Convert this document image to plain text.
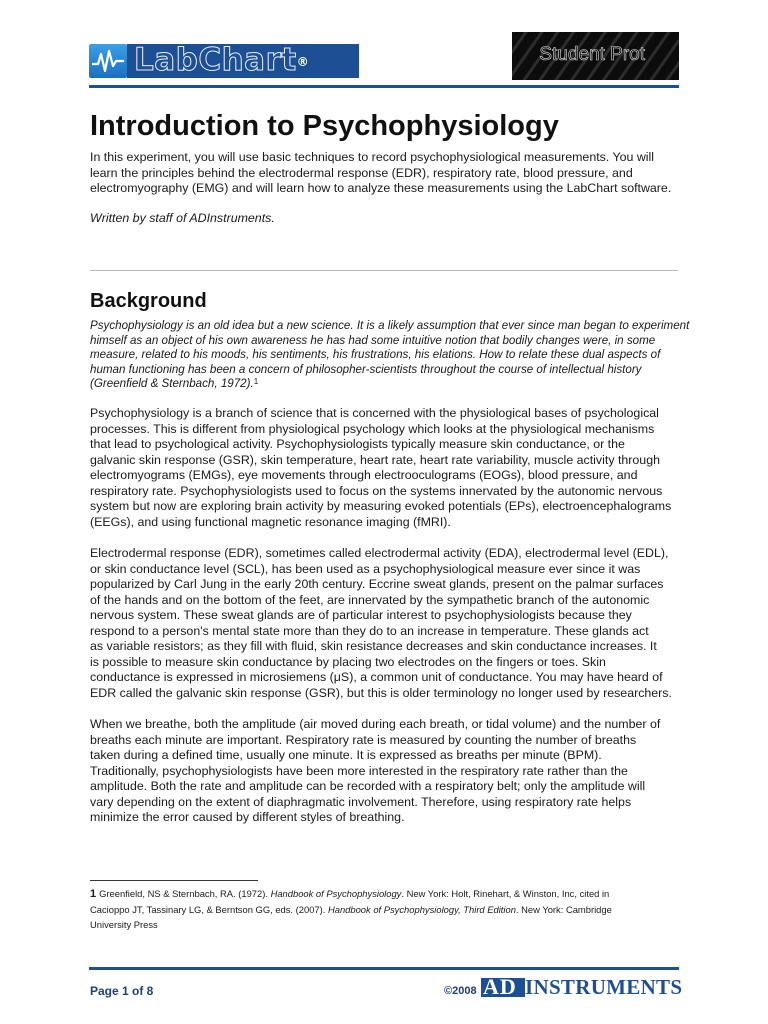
LabChart®	Student Prot
Introduction to Psychophysiology
In this experiment, you will use basic techniques to record psychophysiological measurements. You will
learn the principles behind the electrodermal response (EDR), respiratory rate, blood pressure, and
electromyography (EMG) and will learn how to analyze these measurements using the LabChart software.
Written by staff of ADInstruments.
Background
Psychophysiology is an old idea but a new science. It is a likely assumption that ever since man began to experiment
himself as an object of his own awareness he has had some intuitive notion that bodily changes were, in some
measure, related to his moods, his sentiments, his frustrations, his elations. How to relate these dual aspects of
human functioning has been a concern of philosopher-scientists throughout the course of intellectual history
(Greenfield & Sternbach, 1972).$^1$
Psychophysiology is a branch of science that is concerned with the physiological bases of psychological
processes. This is different from physiological psychology which looks at the physiological mechanisms
that lead to psychological activity. Psychophysiologists typically measure skin conductance, or the
galvanic skin response (GSR), skin temperature, heart rate, heart rate variability, muscle activity through
electromyograms (EMGs), eye movements through electrooculograms (EOGs), blood pressure, and
respiratory rate. Psychophysiologists used to focus on the systems innervated by the autonomic nervous
system but now are exploring brain activity by measuring evoked potentials (EPs), electroencephalograms
(EEGs), and using functional magnetic resonance imaging (fMRI).
Electrodermal response (EDR), sometimes called electrodermal activity (EDA), electrodermal level (EDL),
or skin conductance level (SCL), has been used as a psychophysiological measure ever since it was
popularized by Carl Jung in the early 20th century. Eccrine sweat glands, present on the palmar surfaces
of the hands and on the bottom of the feet, are innervated by the sympathetic branch of the autonomic
nervous system. These sweat glands are of particular interest to psychophysiologists because they
respond to a person's mental state more than they do to an increase in temperature. These glands act
as variable resistors; as they fill with fluid, skin resistance decreases and skin conductance increases. It
is possible to measure skin conductance by placing two electrodes on the fingers or toes. Skin
conductance is expressed in microsiemens (μS), a common unit of conductance. You may have heard of
EDR called the galvanic skin response (GSR), but this is older terminology no longer used by researchers.
When we breathe, both the amplitude (air moved during each breath, or tidal volume) and the number of
breaths each minute are important. Respiratory rate is measured by counting the number of breaths
taken during a defined time, usually one minute. It is expressed as breaths per minute (BPM).
Traditionally, psychophysiologists have been more interested in the respiratory rate rather than the
amplitude. Both the rate and amplitude can be recorded with a respiratory belt; only the amplitude will
vary depending on the extent of diaphragmatic involvement. Therefore, using respiratory rate helps
minimize the error caused by different styles of breathing.
1 Greenfield, NS & Sternbach, RA. (1972). Handbook of Psychophysiology. New York: Holt, Rinehart, & Winston, Inc, cited in
Cacioppo JT, Tassinary LG, & Berntson GG, eds. (2007). Handbook of Psychophysiology, Third Edition. New York: Cambridge
University Press
Page 1 of 8	©2008 AD INSTRUMENTS
